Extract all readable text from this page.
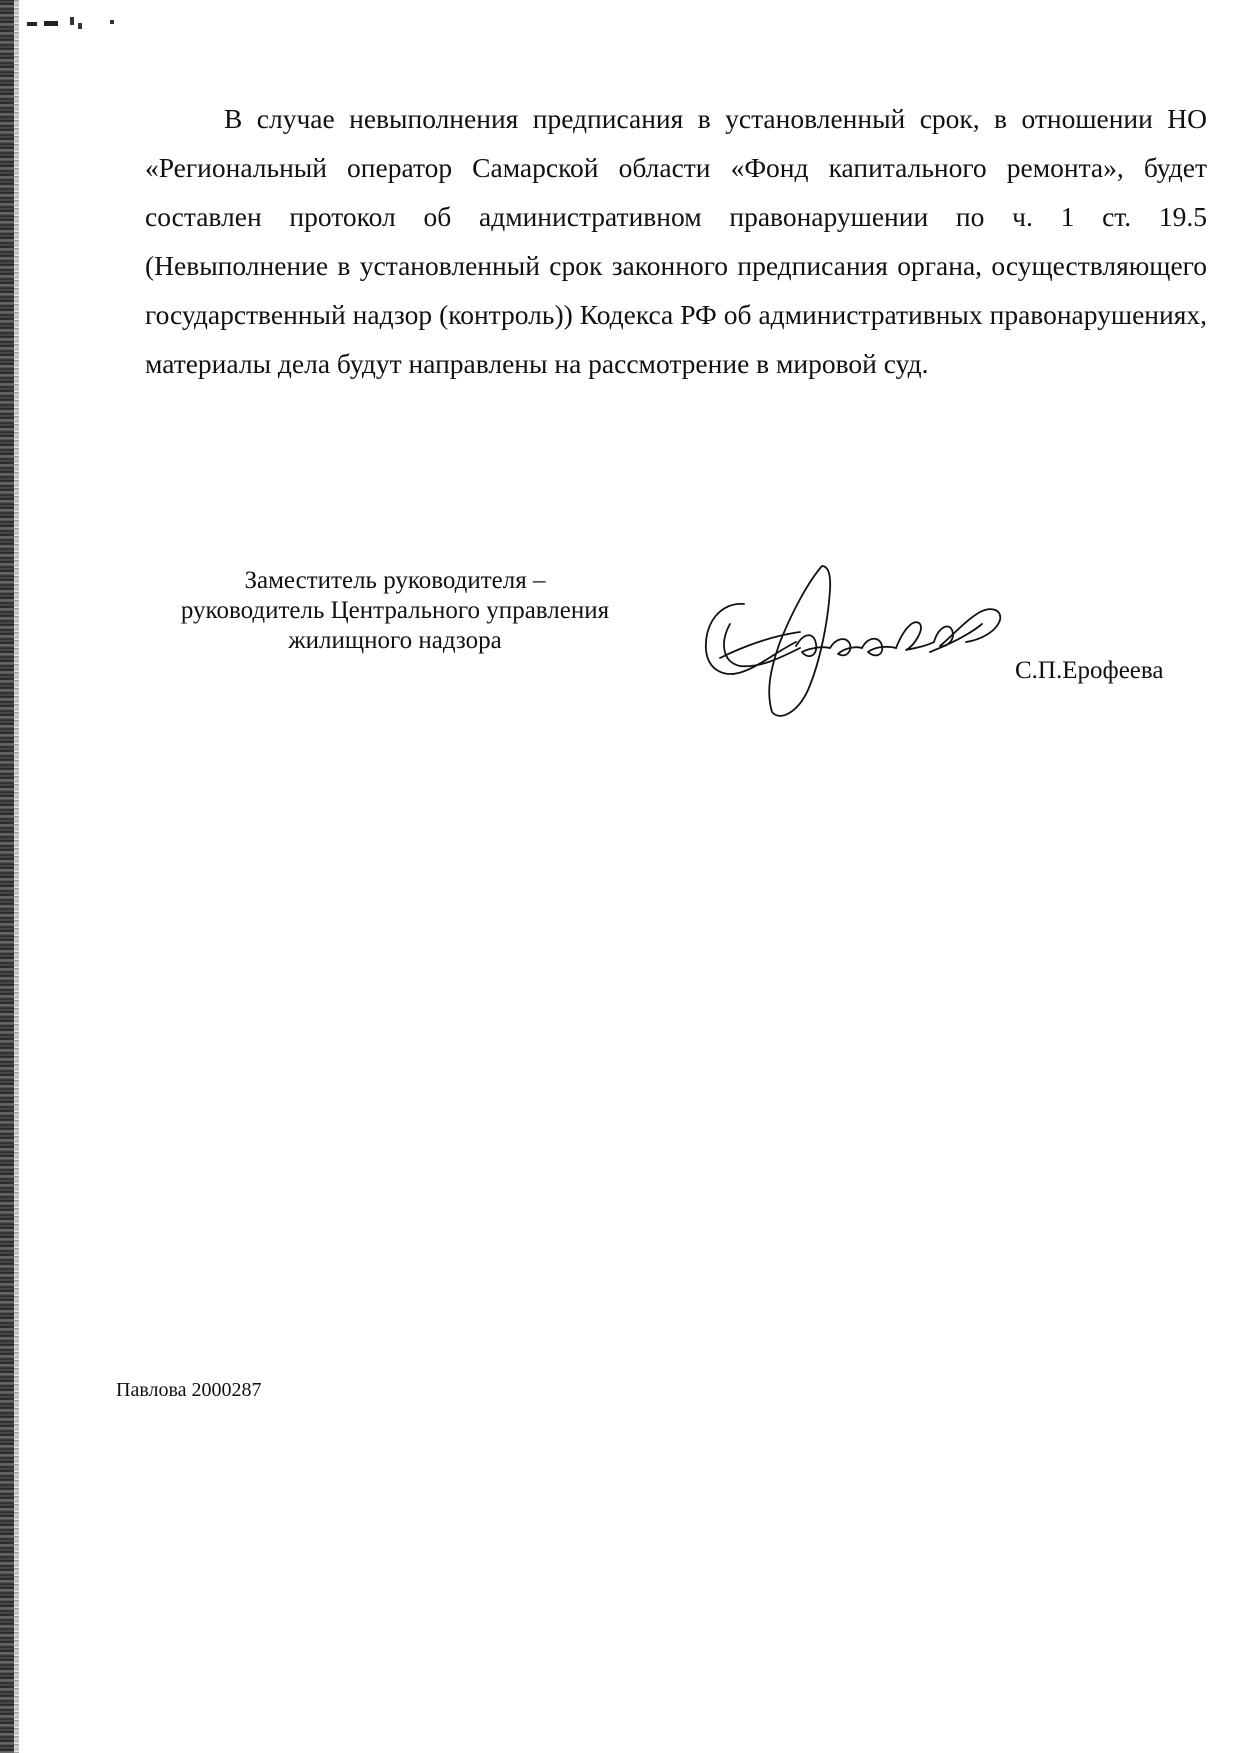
В случае невыполнения предписания в установленный срок, в отношении НО «Региональный оператор Самарской области «Фонд капитального ремонта», будет составлен протокол об административном правонарушении по ч. 1 ст. 19.5 (Невыполнение в установленный срок законного предписания органа, осуществляющего государственный надзор (контроль)) Кодекса РФ об административных правонарушениях, материалы дела будут направлены на рассмотрение в мировой суд.

Заместитель руководителя –
руководитель Центрального управления
жилищного надзора
С.П.Ерофеева
Павлова 2000287
